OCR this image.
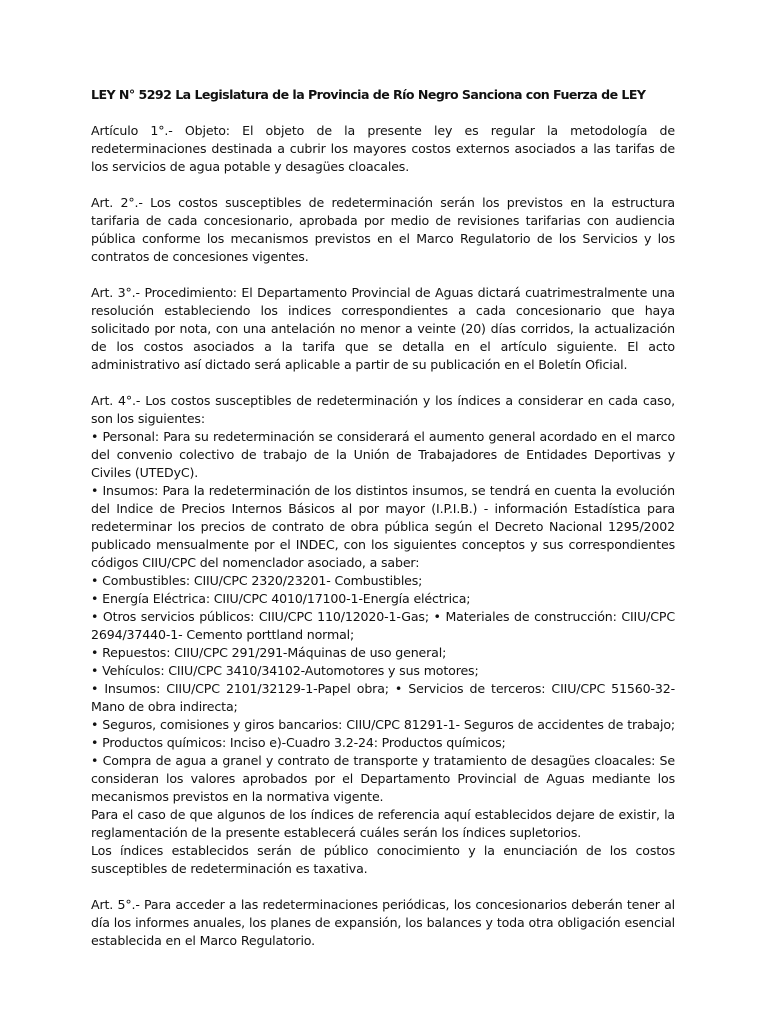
LEY N° 5292 La Legislatura de la Provincia de Río Negro Sanciona con Fuerza de LEY

Artículo 1°.- Objeto: El objeto de la presente ley es regular la metodología de redeterminaciones destinada a cubrir los mayores costos externos asociados a las tarifas de los servicios de agua potable y desagües cloacales.

Art. 2°.- Los costos susceptibles de redeterminación serán los previstos en la estructura tarifaria de cada concesionario, aprobada por medio de revisiones tarifarias con audiencia pública conforme los mecanismos previstos en el Marco Regulatorio de los Servicios y los contratos de concesiones vigentes.

Art. 3°.- Procedimiento: El Departamento Provincial de Aguas dictará cuatrimestralmente una resolución estableciendo los indices correspondientes a cada concesionario que haya solicitado por nota, con una antelación no menor a veinte (20) días corridos, la actualización de los costos asociados a la tarifa que se detalla en el artículo siguiente. El acto administrativo así dictado será aplicable a partir de su publicación en el Boletín Oficial.

Art. 4°.- Los costos susceptibles de redeterminación y los índices a considerar en cada caso, son los siguientes:

• Personal: Para su redeterminación se considerará el aumento general acordado en el marco del convenio colectivo de trabajo de la Unión de Trabajadores de Entidades Deportivas y Civiles (UTEDyC).

• Insumos: Para la redeterminación de los distintos insumos, se tendrá en cuenta la evolución del Indice de Precios Internos Básicos al por mayor (I.P.I.B.) - información Estadística para redeterminar los precios de contrato de obra pública según el Decreto Nacional 1295/2002 publicado mensualmente por el INDEC, con los siguientes conceptos y sus correspondientes códigos CIIU/CPC del nomenclador asociado, a saber:

• Combustibles: CIIU/CPC 2320/23201- Combustibles;

• Energía Eléctrica: CIIU/CPC 4010/17100-1-Energía eléctrica;

• Otros servicios públicos: CIIU/CPC 110/12020-1-Gas; • Materiales de construcción: CIIU/CPC 2694/37440-1- Cemento porttland normal;

• Repuestos: CIIU/CPC 291/291-Máquinas de uso general;

• Vehículos: CIIU/CPC 3410/34102-Automotores y sus motores;

• Insumos: CIIU/CPC 2101/32129-1-Papel obra; • Servicios de terceros: CIIU/CPC 51560-32-Mano de obra indirecta;

• Seguros, comisiones y giros bancarios: CIIU/CPC 81291-1- Seguros de accidentes de trabajo; • Productos químicos: Inciso e)-Cuadro 3.2-24: Productos químicos;

• Compra de agua a granel y contrato de transporte y tratamiento de desagües cloacales: Se consideran los valores aprobados por el Departamento Provincial de Aguas mediante los mecanismos previstos en la normativa vigente.

Para el caso de que algunos de los índices de referencia aquí establecidos dejare de existir, la reglamentación de la presente establecerá cuáles serán los índices supletorios.

Los índices establecidos serán de público conocimiento y la enunciación de los costos susceptibles de redeterminación es taxativa.

Art. 5°.- Para acceder a las redeterminaciones periódicas, los concesionarios deberán tener al día los informes anuales, los planes de expansión, los balances y toda otra obligación esencial establecida en el Marco Regulatorio.
